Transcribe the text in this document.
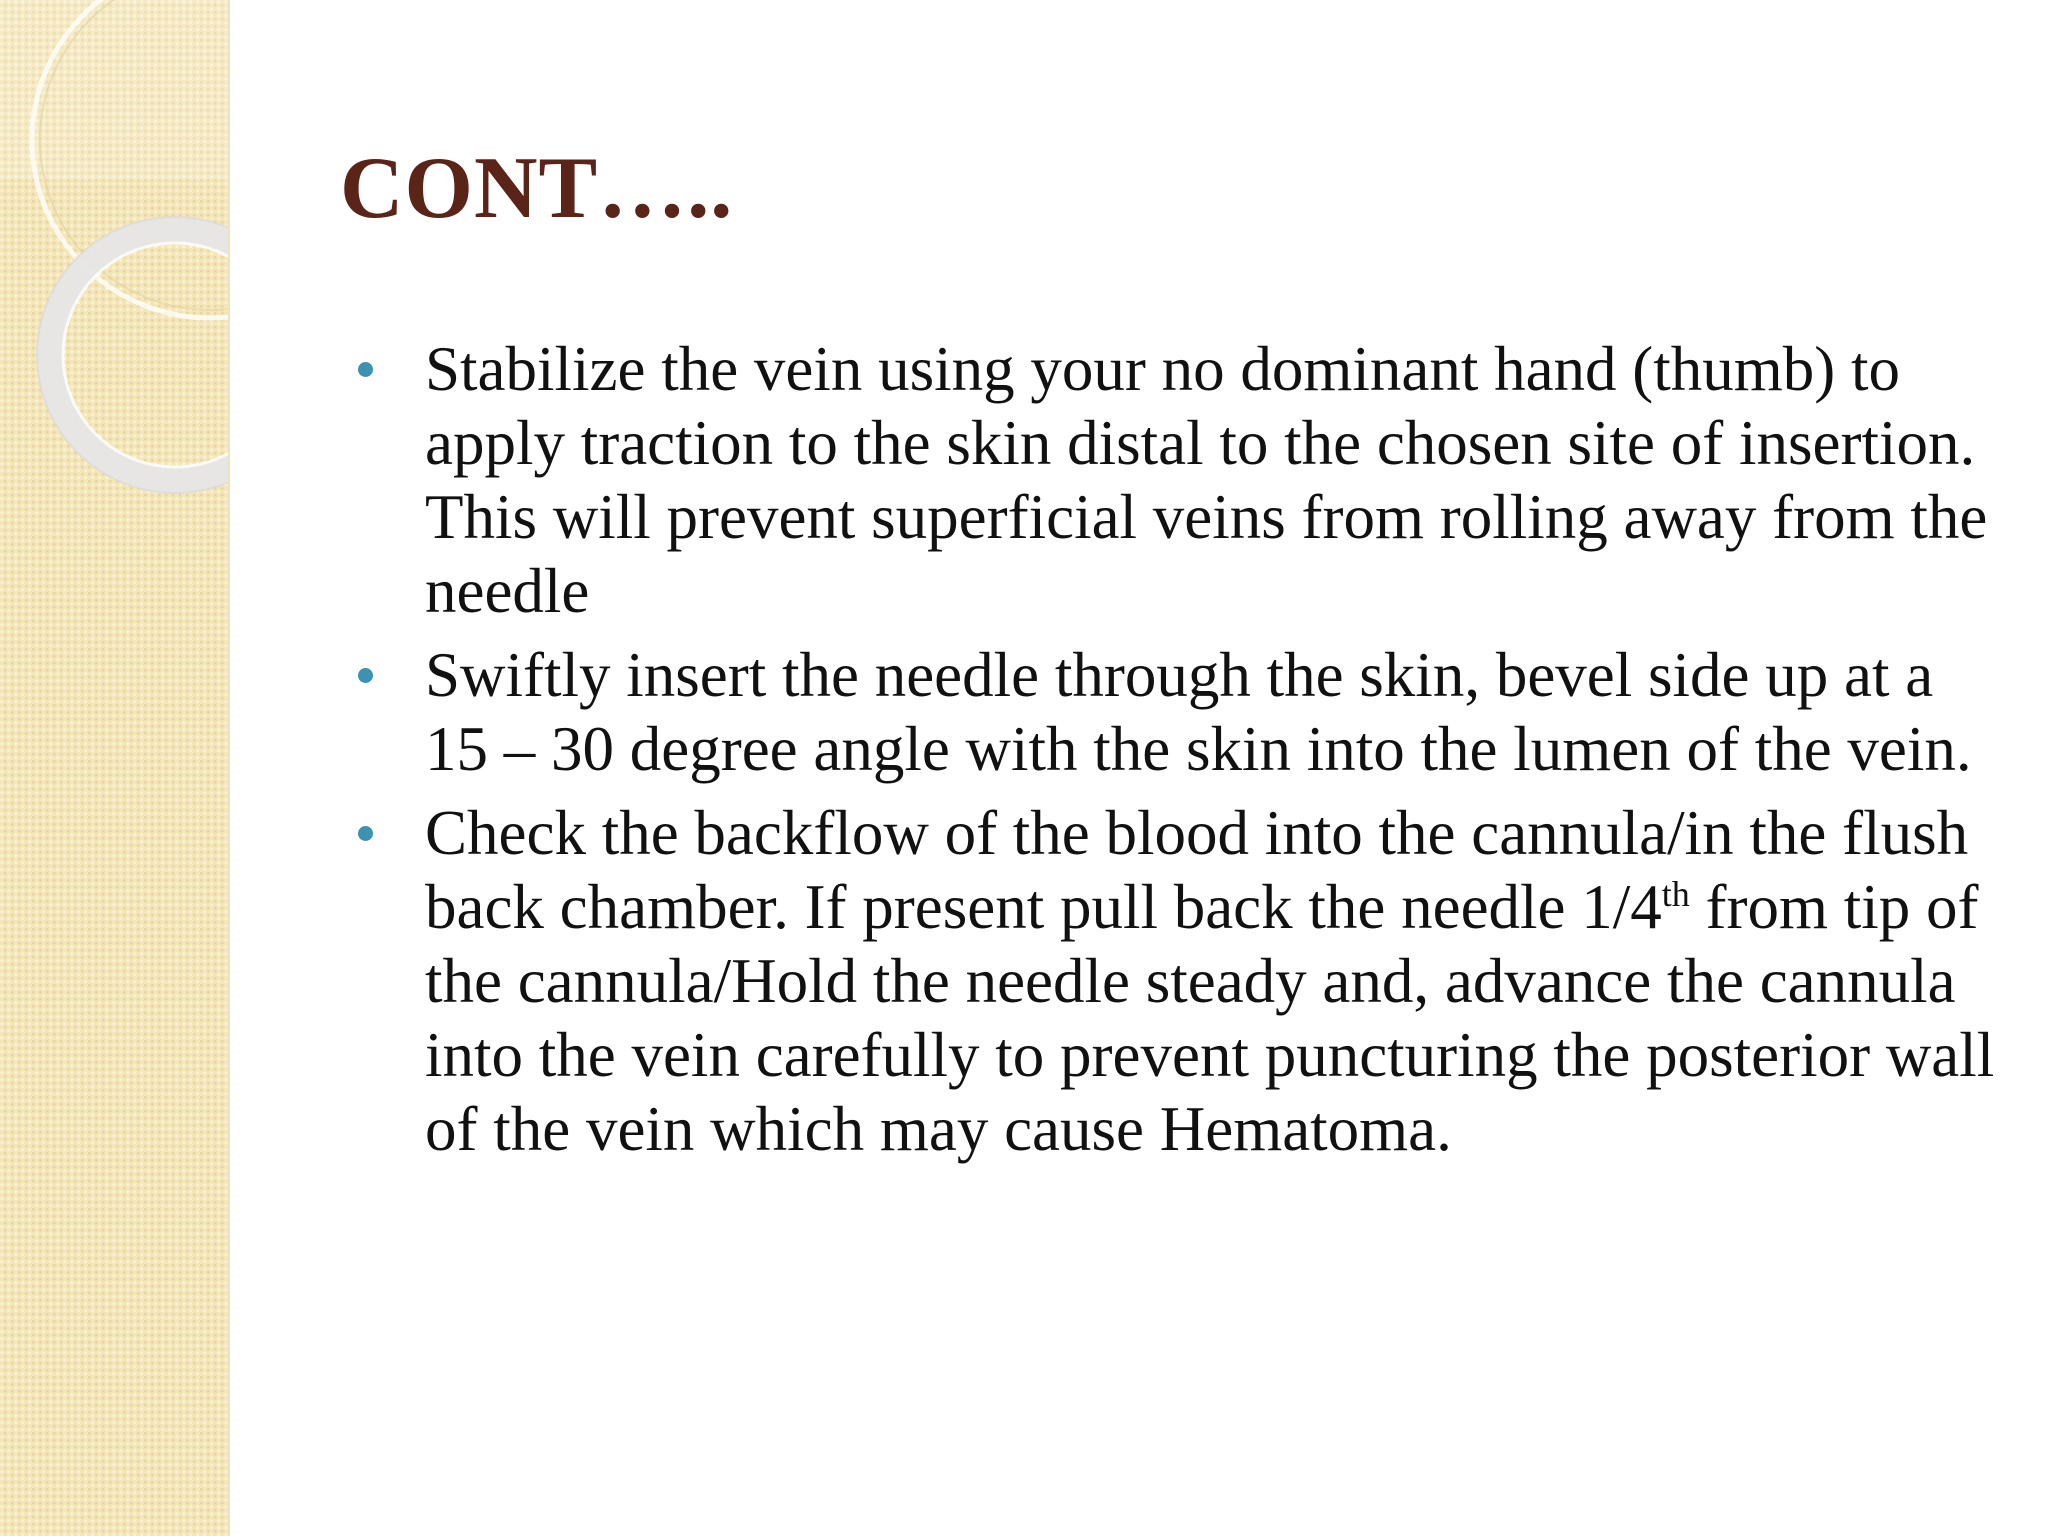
CONT…..
Stabilize the vein using your no dominant hand (thumb) to apply traction to the skin distal to the chosen site of insertion. This will prevent superficial veins from rolling away from the needle
Swiftly insert the needle through the skin, bevel side up at a 15 – 30 degree angle with the skin into the lumen of the vein.
Check the backflow of the blood into the cannula/in the flush back chamber. If present pull back the needle 1/4th from tip of the cannula/Hold the needle steady and, advance the cannula into the vein carefully to prevent puncturing the posterior wall of the vein which may cause Hematoma.
